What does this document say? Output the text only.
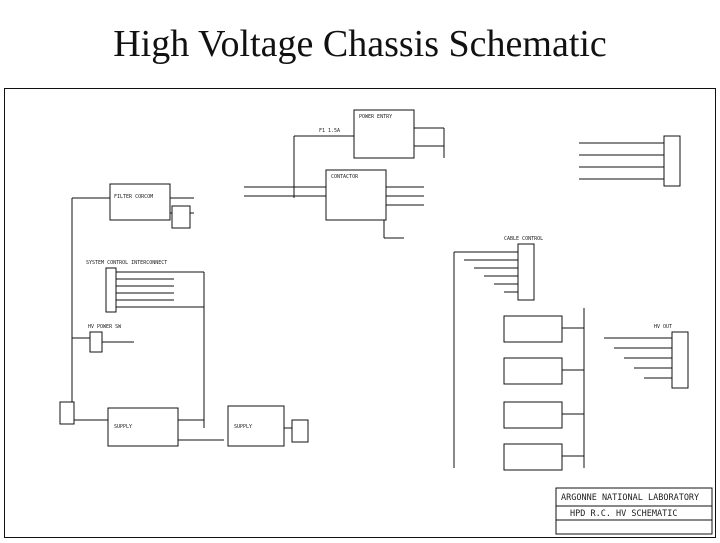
High Voltage Chassis Schematic
POWER ENTRY
F1 1.5A
CONTACTOR
FILTER CORCOM
SYSTEM CONTROL INTERCONNECT
HV POWER SW
SUPPLY	SUPPLY
CABLE CONTROL
HV OUT
ARGONNE NATIONAL LABORATORY
HPD R.C. HV SCHEMATIC
